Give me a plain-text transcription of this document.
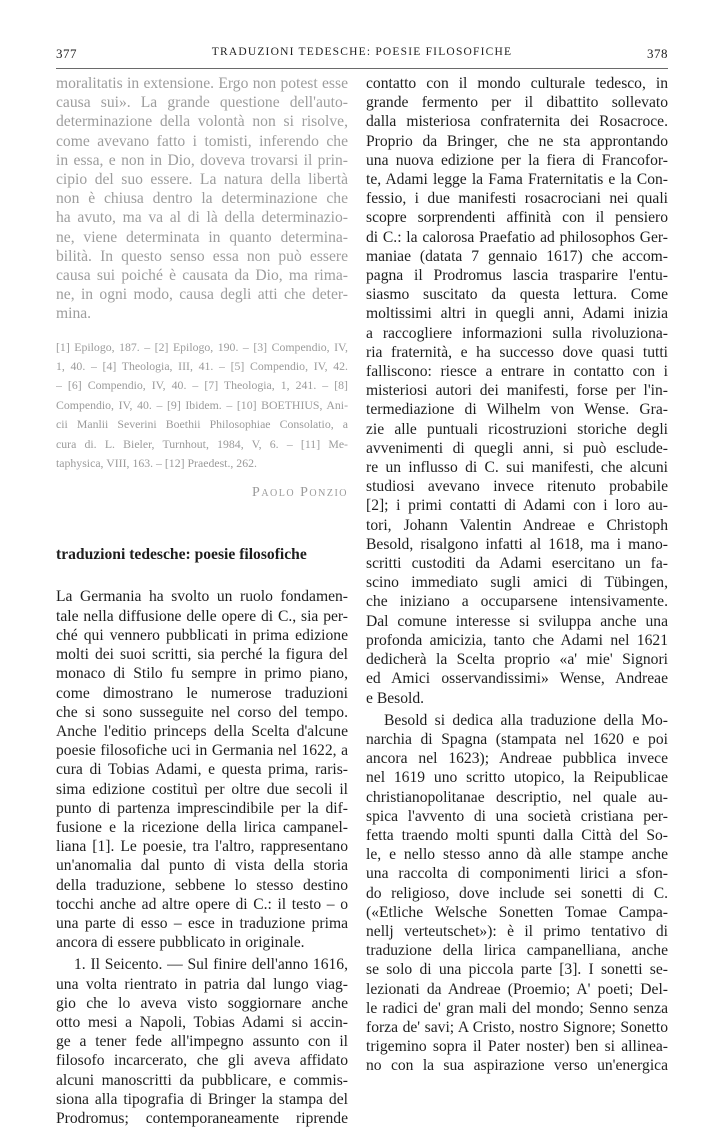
377	TRADUZIONI TEDESCHE: POESIE FILOSOFICHE	378
moralitatis in extensione. Ergo non potest esse
causa sui». La grande questione dell'auto-
determinazione della volontà non si risolve,
come avevano fatto i tomisti, inferendo che
in essa, e non in Dio, doveva trovarsi il prin-
cipio del suo essere. La natura della libertà
non è chiusa dentro la determinazione che
ha avuto, ma va al di là della determinazio-
ne, viene determinata in quanto determina-
bilità. In questo senso essa non può essere
causa sui poiché è causata da Dio, ma rima-
ne, in ogni modo, causa degli atti che deter-
mina.
[1] Epilogo, 187. – [2] Epilogo, 190. – [3] Compendio, IV,
1, 40. – [4] Theologia, III, 41. – [5] Compendio, IV, 42.
– [6] Compendio, IV, 40. – [7] Theologia, 1, 241. – [8]
Compendio, IV, 40. – [9] Ibidem. – [10] BOETHIUS, Ani-
cii Manlii Severini Boethii Philosophiae Consolatio, a
cura di. L. Bieler, Turnhout, 1984, V, 6. – [11] Me-
taphysica, VIII, 163. – [12] Praedest., 262.
Paolo Ponzio
traduzioni tedesche: poesie filosofiche
La Germania ha svolto un ruolo fondamen-
tale nella diffusione delle opere di C., sia per-
ché qui vennero pubblicati in prima edizione
molti dei suoi scritti, sia perché la figura del
monaco di Stilo fu sempre in primo piano,
come dimostrano le numerose traduzioni
che si sono susseguite nel corso del tempo.
Anche l'editio princeps della Scelta d'alcune
poesie filosofiche uci in Germania nel 1622, a
cura di Tobias Adami, e questa prima, raris-
sima edizione costituì per oltre due secoli il
punto di partenza imprescindibile per la dif-
fusione e la ricezione della lirica campanel-
liana [1]. Le poesie, tra l'altro, rappresentano
un'anomalia dal punto di vista della storia
della traduzione, sebbene lo stesso destino
tocchi anche ad altre opere di C.: il testo – o
una parte di esso – esce in traduzione prima
ancora di essere pubblicato in originale.
1. Il Seicento. — Sul finire dell'anno 1616,
una volta rientrato in patria dal lungo viag-
gio che lo aveva visto soggiornare anche
otto mesi a Napoli, Tobias Adami si accin-
ge a tener fede all'impegno assunto con il
filosofo incarcerato, che gli aveva affidato
alcuni manoscritti da pubblicare, e commis-
siona alla tipografia di Bringer la stampa del
Prodromus; contemporaneamente riprende
contatto con il mondo culturale tedesco, in
grande fermento per il dibattito sollevato
dalla misteriosa confraternita dei Rosacroce.
Proprio da Bringer, che ne sta approntando
una nuova edizione per la fiera di Francofor-
te, Adami legge la Fama Fraternitatis e la Con-
fessio, i due manifesti rosacrociani nei quali
scopre sorprendenti affinità con il pensiero
di C.: la calorosa Praefatio ad philosophos Ger-
maniae (datata 7 gennaio 1617) che accom-
pagna il Prodromus lascia trasparire l'entu-
siasmo suscitato da questa lettura. Come
moltissimi altri in quegli anni, Adami inizia
a raccogliere informazioni sulla rivoluziona-
ria fraternità, e ha successo dove quasi tutti
falliscono: riesce a entrare in contatto con i
misteriosi autori dei manifesti, forse per l'in-
termediazione di Wilhelm von Wense. Gra-
zie alle puntuali ricostruzioni storiche degli
avvenimenti di quegli anni, si può esclude-
re un influsso di C. sui manifesti, che alcuni
studiosi avevano invece ritenuto probabile
[2]; i primi contatti di Adami con i loro au-
tori, Johann Valentin Andreae e Christoph
Besold, risalgono infatti al 1618, ma i mano-
scritti custoditi da Adami esercitano un fa-
scino immediato sugli amici di Tübingen,
che iniziano a occuparsene intensivamente.
Dal comune interesse si sviluppa anche una
profonda amicizia, tanto che Adami nel 1621
dedicherà la Scelta proprio «a' mie' Signori
ed Amici osservandissimi» Wense, Andreae
e Besold.
Besold si dedica alla traduzione della Mo-
narchia di Spagna (stampata nel 1620 e poi
ancora nel 1623); Andreae pubblica invece
nel 1619 uno scritto utopico, la Reipublicae
christianopolitanae descriptio, nel quale au-
spica l'avvento di una società cristiana per-
fetta traendo molti spunti dalla Città del So-
le, e nello stesso anno dà alle stampe anche
una raccolta di componimenti lirici a sfon-
do religioso, dove include sei sonetti di C.
(«Etliche Welsche Sonetten Tomae Campa-
nellj verteutschet»): è il primo tentativo di
traduzione della lirica campanelliana, anche
se solo di una piccola parte [3]. I sonetti se-
lezionati da Andreae (Proemio; A' poeti; Del-
le radici de' gran mali del mondo; Senno senza
forza de' savi; A Cristo, nostro Signore; Sonetto
trigemino sopra il Pater noster) ben si allinea-
no con la sua aspirazione verso un'energica
